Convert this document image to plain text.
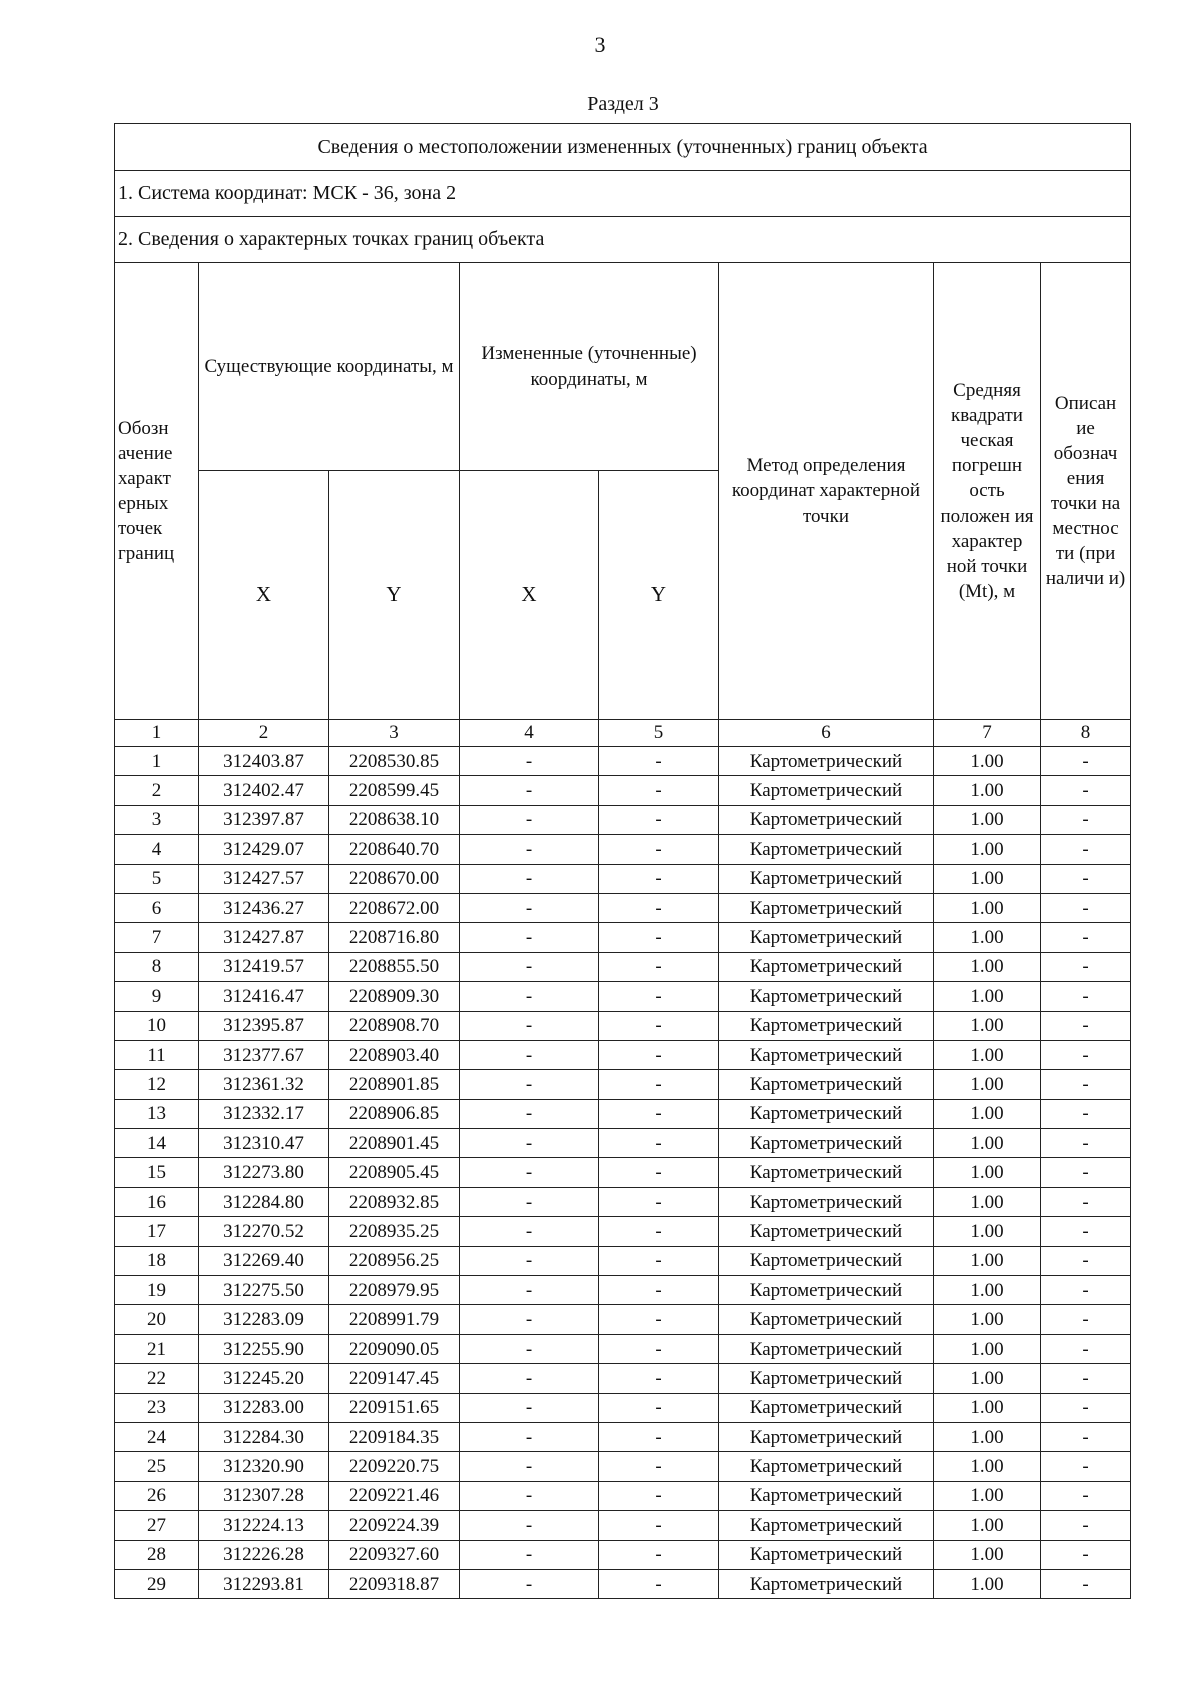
3
Раздел 3
Сведения о местоположении измененных (уточненных) границ объекта							
1. Система координат: МСК - 36, зона 2							
2. Сведения о характерных точках границ объекта							
Обозн ачение характ ерных точек границ	Существующие координаты, м		Измененные (уточненные) координаты, м		Метод определения координат характерной точки	Средняя квадрати ческая погрешн ость положен ия характер ной точки (Mt), м	Описан ие обознач ения точки на местнос ти (при наличи и)
	X	Y	X	Y			
1	2	3	4	5	6	7	8
1	312403.87	2208530.85	-	-	Картометрический	1.00	-
2	312402.47	2208599.45	-	-	Картометрический	1.00	-
3	312397.87	2208638.10	-	-	Картометрический	1.00	-
4	312429.07	2208640.70	-	-	Картометрический	1.00	-
5	312427.57	2208670.00	-	-	Картометрический	1.00	-
6	312436.27	2208672.00	-	-	Картометрический	1.00	-
7	312427.87	2208716.80	-	-	Картометрический	1.00	-
8	312419.57	2208855.50	-	-	Картометрический	1.00	-
9	312416.47	2208909.30	-	-	Картометрический	1.00	-
10	312395.87	2208908.70	-	-	Картометрический	1.00	-
11	312377.67	2208903.40	-	-	Картометрический	1.00	-
12	312361.32	2208901.85	-	-	Картометрический	1.00	-
13	312332.17	2208906.85	-	-	Картометрический	1.00	-
14	312310.47	2208901.45	-	-	Картометрический	1.00	-
15	312273.80	2208905.45	-	-	Картометрический	1.00	-
16	312284.80	2208932.85	-	-	Картометрический	1.00	-
17	312270.52	2208935.25	-	-	Картометрический	1.00	-
18	312269.40	2208956.25	-	-	Картометрический	1.00	-
19	312275.50	2208979.95	-	-	Картометрический	1.00	-
20	312283.09	2208991.79	-	-	Картометрический	1.00	-
21	312255.90	2209090.05	-	-	Картометрический	1.00	-
22	312245.20	2209147.45	-	-	Картометрический	1.00	-
23	312283.00	2209151.65	-	-	Картометрический	1.00	-
24	312284.30	2209184.35	-	-	Картометрический	1.00	-
25	312320.90	2209220.75	-	-	Картометрический	1.00	-
26	312307.28	2209221.46	-	-	Картометрический	1.00	-
27	312224.13	2209224.39	-	-	Картометрический	1.00	-
28	312226.28	2209327.60	-	-	Картометрический	1.00	-
29	312293.81	2209318.87	-	-	Картометрический	1.00	-
